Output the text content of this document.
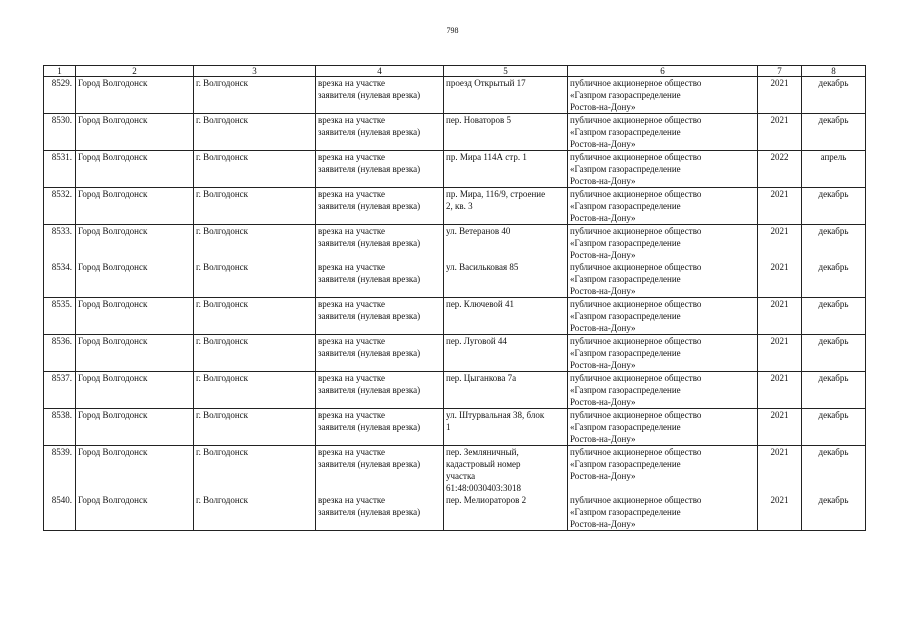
798
1	2	3	4	5	6	7	8
8529.	Город Волгодонск	г. Волгодонск	врезка на участке
заявителя (нулевая врезка)	проезд Открытый 17	публичное акционерное общество
«Газпром газораспределение
Ростов-на-Дону»	2021	декабрь
8530.	Город Волгодонск	г. Волгодонск	врезка на участке
заявителя (нулевая врезка)	пер. Новаторов 5	публичное акционерное общество
«Газпром газораспределение
Ростов-на-Дону»	2021	декабрь
8531.	Город Волгодонск	г. Волгодонск	врезка на участке
заявителя (нулевая врезка)	пр. Мира 114А стр. 1	публичное акционерное общество
«Газпром газораспределение
Ростов-на-Дону»	2022	апрель
8532.	Город Волгодонск	г. Волгодонск	врезка на участке
заявителя (нулевая врезка)	пр. Мира, 116/9, строение
2, кв. 3	публичное акционерное общество
«Газпром газораспределение
Ростов-на-Дону»	2021	декабрь
8533.	Город Волгодонск	г. Волгодонск	врезка на участке
заявителя (нулевая врезка)	ул. Ветеранов 40	публичное акционерное общество
«Газпром газораспределение
Ростов-на-Дону»	2021	декабрь
8534.	Город Волгодонск	г. Волгодонск	врезка на участке
заявителя (нулевая врезка)	ул. Васильковая 85	публичное акционерное общество
«Газпром газораспределение
Ростов-на-Дону»	2021	декабрь
8535.	Город Волгодонск	г. Волгодонск	врезка на участке
заявителя (нулевая врезка)	пер. Ключевой 41	публичное акционерное общество
«Газпром газораспределение
Ростов-на-Дону»	2021	декабрь
8536.	Город Волгодонск	г. Волгодонск	врезка на участке
заявителя (нулевая врезка)	пер. Луговой 44	публичное акционерное общество
«Газпром газораспределение
Ростов-на-Дону»	2021	декабрь
8537.	Город Волгодонск	г. Волгодонск	врезка на участке
заявителя (нулевая врезка)	пер. Цыганкова 7а	публичное акционерное общество
«Газпром газораспределение
Ростов-на-Дону»	2021	декабрь
8538.	Город Волгодонск	г. Волгодонск	врезка на участке
заявителя (нулевая врезка)	ул. Штурвальная 38, блок
1	публичное акционерное общество
«Газпром газораспределение
Ростов-на-Дону»	2021	декабрь
8539.	Город Волгодонск	г. Волгодонск	врезка на участке
заявителя (нулевая врезка)	пер. Земляничный,
кадастровый номер
участка
61:48:0030403:3018	публичное акционерное общество
«Газпром газораспределение
Ростов-на-Дону»	2021	декабрь
8540.	Город Волгодонск	г. Волгодонск	врезка на участке
заявителя (нулевая врезка)	пер. Мелиораторов 2	публичное акционерное общество
«Газпром газораспределение
Ростов-на-Дону»	2021	декабрь
